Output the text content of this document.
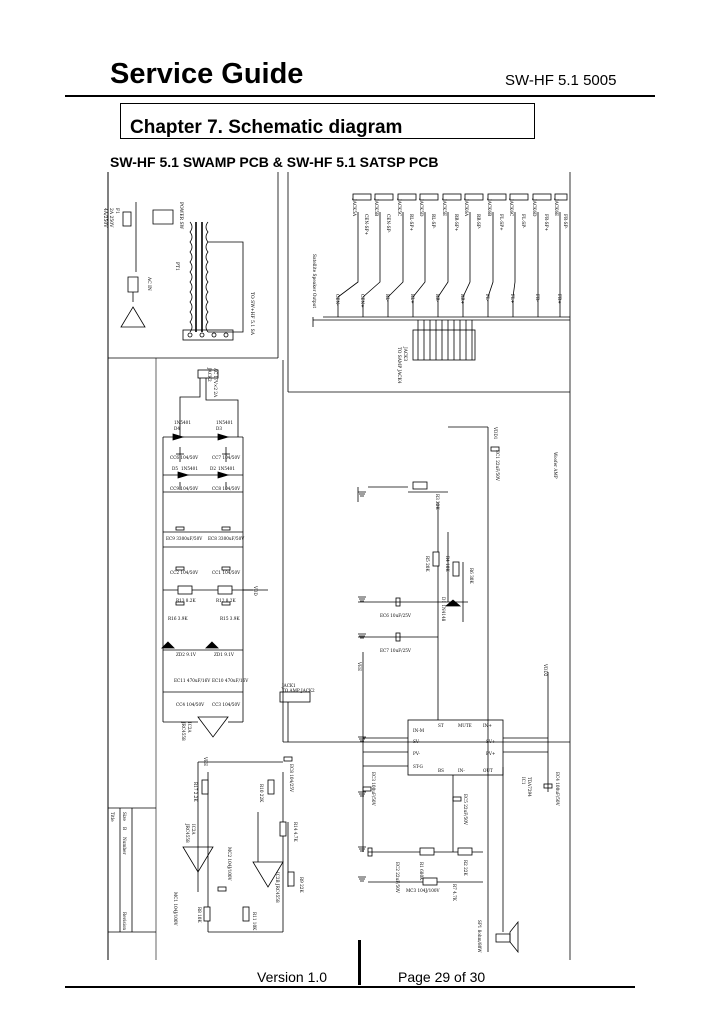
Service Guide	SW-HF 5.1 5005
Chapter 7. Schematic diagram
SW-HF 5.1 SWAMP PCB & SW-HF 5.1 SATSP PCB
F1
2A 250V
4A/250V	POWER SW
PT1
AC IN
TO SW+HF 5.1 SA
JACK5A	JACK5B	JACK5C	JACK5D	JACK5E	JACK6A	JACK6B	JACK6C	JACK6D	JACK6E
CEN-SP+	CEN-SP-	RL-SP+	RL-SP-	RR-SP+	RR-SP-	FL-SP+	FL-SP-	FR-SP+	FR-SP-
CEN-	CEN+	RL-	RL+	RR-	RR+	FL-	FL+	FR-	FR+
Satellite Speaker Output
JACK3
TO SAMP JACK4
JACK2 AC 17V×2 2A
1N5401
D4
1N5401
D3
D5 1N5401	D2 1N5401
CC6 104/50V	CC7 104/50V
CC9 104/50V	CC8 104/50V
EC9 3300uF/50V EC8 3300uF/50V
CC2 104/50V	CC1 104/50V
R13 8.2K	R12 8.2K
R16 3.9K	R15 3.9K
ZD2 9.1V	ZD1 9.1V
EC11 470uF/16V EC10 470uF/16V
CC4 104/50V CC3 104/50V
IC2A
JRC4558
JACK1
TO AMP JACK2
VDD
Woofer AMP
VDD1
VDD2
VEE
R3 22K
R4 10K
R5 20K
R6 30K
D1 1N4148
EC6 10uF/25V
EC7 10uF/25V
IN-M
SV-
PV-
ST-G
BS	IN-	OUT
MUTE
ST	IN+
SV+
PV+
IC1 TDA7294	EC4 100uF/50V
EC3 100uF/50V
EC5 22uF/50V
EC1 22uF/50V
EC2 22uF/50V MC3 104J/100V
R2 22K
R1 680K
R7 4.7K
SP1 8ohm/80W
VEE
R17 2.2K	EC8 104/25V
R10 22K
R14 4.7K
R9 22K
MC2 104J/100V
MC1 104J/100V	R8 10K	R11 10K
IC2B JRC4558
IC2A
JRC4558
Title Size
B
Number
Revision
Version 1.0	Page 29 of 30
